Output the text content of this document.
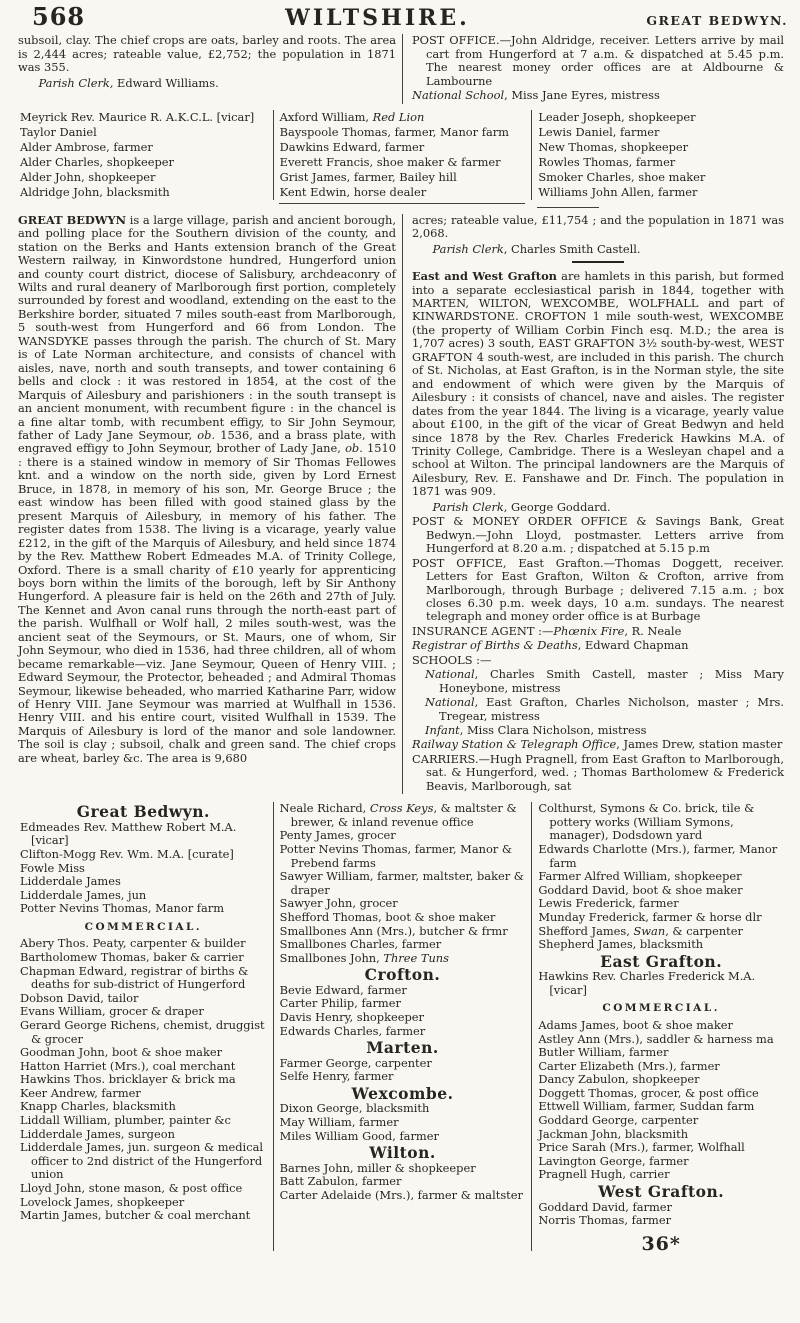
568	WILTSHIRE.	GREAT BEDWYN.

subsoil, clay. The chief crops are oats, barley and roots. The area is 2,444 acres; rateable value, £2,752; the population in 1871 was 355.

Parish Clerk, Edward Williams.

POST OFFICE.—John Aldridge, receiver. Letters arrive by mail cart from Hungerford at 7 a.m. & dispatched at 5.45 p.m. The nearest money order offices are at Aldbourne & Lambourne

National School, Miss Jane Eyres, mistress

Meyrick Rev. Maurice R. A.K.C.L. [vicar]
Taylor Daniel
Alder Ambrose, farmer
Alder Charles, shopkeeper
Alder John, shopkeeper
Aldridge John, blacksmith
Axford William, Red Lion
Bayspoole Thomas, farmer, Manor farm
Dawkins Edward, farmer
Everett Francis, shoe maker & farmer
Grist James, farmer, Bailey hill
Kent Edwin, horse dealer
Leader Joseph, shopkeeper
Lewis Daniel, farmer
New Thomas, shopkeeper
Rowles Thomas, farmer
Smoker Charles, shoe maker
Williams John Allen, farmer

GREAT BEDWYN is a large village, parish and ancient borough, and polling place for the Southern division of the county, and station on the Berks and Hants extension branch of the Great Western railway, in Kinwordstone hundred, Hungerford union and county court district, diocese of Salisbury, archdeaconry of Wilts and rural deanery of Marlborough first portion, completely surrounded by forest and woodland, extending on the east to the Berkshire border, situated 7 miles south-east from Marlborough, 5 south-west from Hungerford and 66 from London. The WANSDYKE passes through the parish. The church of St. Mary is of Late Norman architecture, and consists of chancel with aisles, nave, north and south transepts, and tower containing 6 bells and clock : it was restored in 1854, at the cost of the Marquis of Ailesbury and parishioners : in the south transept is an ancient monument, with recumbent figure : in the chancel is a fine altar tomb, with recumbent effigy, to Sir John Seymour, father of Lady Jane Seymour, ob. 1536, and a brass plate, with engraved effigy to John Seymour, brother of Lady Jane, ob. 1510 : there is a stained window in memory of Sir Thomas Fellowes knt. and a window on the north side, given by Lord Ernest Bruce, in 1878, in memory of his son, Mr. George Bruce ; the east window has been filled with good stained glass by the present Marquis of Ailesbury, in memory of his father. The register dates from 1538. The living is a vicarage, yearly value £212, in the gift of the Marquis of Ailesbury, and held since 1874 by the Rev. Matthew Robert Edmeades M.A. of Trinity College, Oxford. There is a small charity of £10 yearly for apprenticing boys born within the limits of the borough, left by Sir Anthony Hungerford. A pleasure fair is held on the 26th and 27th of July. The Kennet and Avon canal runs through the north-east part of the parish. Wulfhall or Wolf hall, 2 miles south-west, was the ancient seat of the Seymours, or St. Maurs, one of whom, Sir John Seymour, who died in 1536, had three children, all of whom became remarkable—viz. Jane Seymour, Queen of Henry VIII. ; Edward Seymour, the Protector, beheaded ; and Admiral Thomas Seymour, likewise beheaded, who married Katharine Parr, widow of Henry VIII. Jane Seymour was married at Wulfhall in 1536. Henry VIII. and his entire court, visited Wulfhall in 1539. The Marquis of Ailesbury is lord of the manor and sole landowner. The soil is clay ; subsoil, chalk and green sand. The chief crops are wheat, barley &c. The area is 9,680

acres; rateable value, £11,754 ; and the population in 1871 was 2,068.

Parish Clerk, Charles Smith Castell.

East and West Grafton are hamlets in this parish, but formed into a separate ecclesiastical parish in 1844, together with MARTEN, WILTON, WEXCOMBE, WOLFHALL and part of KINWARDSTONE. CROFTON 1 mile south-west, WEXCOMBE (the property of William Corbin Finch esq. M.D.; the area is 1,707 acres) 3 south, EAST GRAFTON 3½ south-by-west, WEST GRAFTON 4 south-west, are included in this parish. The church of St. Nicholas, at East Grafton, is in the Norman style, the site and endowment of which were given by the Marquis of Ailesbury : it consists of chancel, nave and aisles. The register dates from the year 1844. The living is a vicarage, yearly value about £100, in the gift of the vicar of Great Bedwyn and held since 1878 by the Rev. Charles Frederick Hawkins M.A. of Trinity College, Cambridge. There is a Wesleyan chapel and a school at Wilton. The principal landowners are the Marquis of Ailesbury, Rev. E. Fanshawe and Dr. Finch. The population in 1871 was 909.

Parish Clerk, George Goddard.

POST & MONEY ORDER OFFICE & Savings Bank, Great Bedwyn.—John Lloyd, postmaster. Letters arrive from Hungerford at 8.20 a.m. ; dispatched at 5.15 p.m
POST OFFICE, East Grafton.—Thomas Doggett, receiver. Letters for East Grafton, Wilton & Crofton, arrive from Marlborough, through Burbage ; delivered 7.15 a.m. ; box closes 6.30 p.m. week days, 10 a.m. sundays. The nearest telegraph and money order office is at Burbage
INSURANCE AGENT :—Phœnix Fire, R. Neale
Registrar of Births & Deaths, Edward Chapman
SCHOOLS :—
National, Charles Smith Castell, master ; Miss Mary Honeybone, mistress
National, East Grafton, Charles Nicholson, master ; Mrs. Tregear, mistress
Infant, Miss Clara Nicholson, mistress
Railway Station & Telegraph Office, James Drew, station master
CARRIERS.—Hugh Pragnell, from East Grafton to Marlborough, sat. & Hungerford, wed. ; Thomas Bartholomew & Frederick Beavis, Marlborough, sat
Great Bedwyn.
Edmeades Rev. Matthew Robert M.A. [vicar]
Clifton-Mogg Rev. Wm. M.A. [curate]
Fowle Miss
Lidderdale James
Lidderdale James, jun
Potter Nevins Thomas, Manor farm
COMMERCIAL.
Abery Thos. Peaty, carpenter & builder
Bartholomew Thomas, baker & carrier
Chapman Edward, registrar of births & deaths for sub-district of Hungerford
Dobson David, tailor
Evans William, grocer & draper
Gerard George Richens, chemist, druggist & grocer
Goodman John, boot & shoe maker
Hatton Harriet (Mrs.), coal merchant
Hawkins Thos. bricklayer & brick ma
Keer Andrew, farmer
Knapp Charles, blacksmith
Liddall William, plumber, painter &c
Lidderdale James, surgeon
Lidderdale James, jun. surgeon & medical officer to 2nd district of the Hungerford union
Lloyd John, stone mason, & post office
Lovelock James, shopkeeper
Martin James, butcher & coal merchant
Neale Richard, Cross Keys, & maltster & brewer, & inland revenue office
Penty James, grocer
Potter Nevins Thomas, farmer, Manor & Prebend farms
Sawyer William, farmer, maltster, baker & draper
Sawyer John, grocer
Shefford Thomas, boot & shoe maker
Smallbones Ann (Mrs.), butcher & frmr
Smallbones Charles, farmer
Smallbones John, Three Tuns
Crofton.
Bevie Edward, farmer
Carter Philip, farmer
Davis Henry, shopkeeper
Edwards Charles, farmer
Marten.
Farmer George, carpenter
Selfe Henry, farmer
Wexcombe.
Dixon George, blacksmith
May William, farmer
Miles William Good, farmer
Wilton.
Barnes John, miller & shopkeeper
Batt Zabulon, farmer
Carter Adelaide (Mrs.), farmer & maltster
Colthurst, Symons & Co. brick, tile & pottery works (William Symons, manager), Dodsdown yard
Edwards Charlotte (Mrs.), farmer, Manor farm
Farmer Alfred William, shopkeeper
Goddard David, boot & shoe maker
Lewis Frederick, farmer
Munday Frederick, farmer & horse dlr
Shefford James, Swan, & carpenter
Shepherd James, blacksmith
East Grafton.
Hawkins Rev. Charles Frederick M.A. [vicar]
COMMERCIAL.
Adams James, boot & shoe maker
Astley Ann (Mrs.), saddler & harness ma
Butler William, farmer
Carter Elizabeth (Mrs.), farmer
Dancy Zabulon, shopkeeper
Doggett Thomas, grocer, & post office
Ettwell William, farmer, Suddan farm
Goddard George, carpenter
Jackman John, blacksmith
Price Sarah (Mrs.), farmer, Wolfhall
Lavington George, farmer
Pragnell Hugh, carrier
West Grafton.
Goddard David, farmer
Norris Thomas, farmer
36*
